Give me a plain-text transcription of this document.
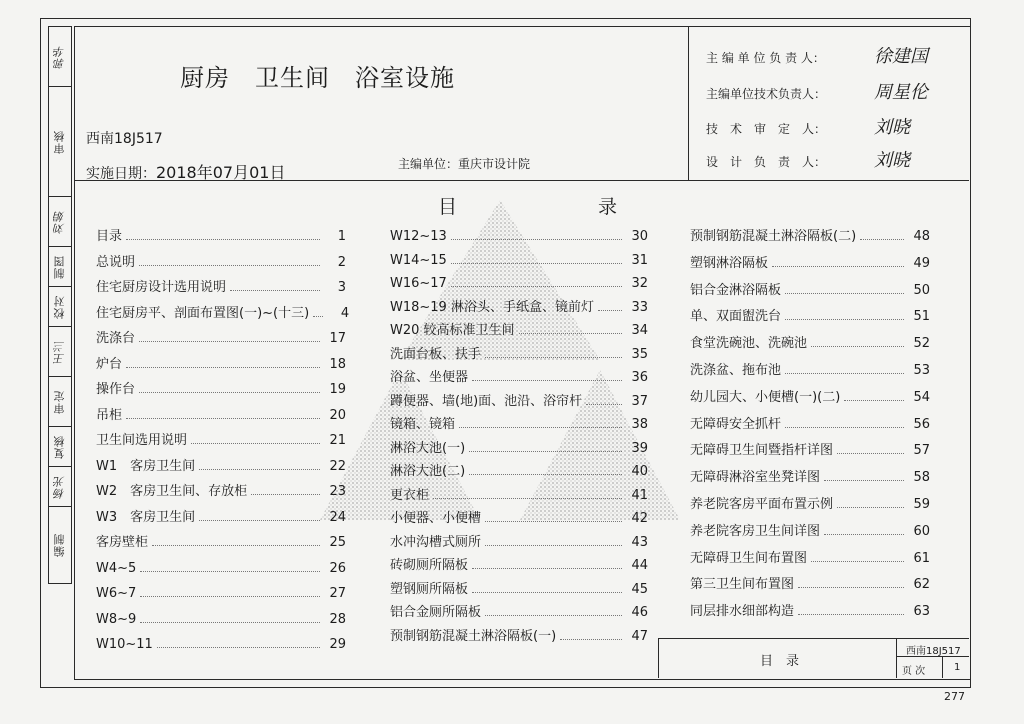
郭华
审核
刘娟
制图
校对
王兰
审定
复核
杨光
编制
厨房　卫生间　浴室设施
西南18J517
实施日期：2018年07月01日	主编单位：重庆市设计院
主 编 单 位 负 责 人：	徐建国
主编单位技术负责人：	周星伦
技　术　审　定　人：	刘晓
设　计　负　责　人：	刘晓
目	录
目录	1
总说明	2
住宅厨房设计选用说明	3
住宅厨房平、剖面布置图(一)~(十三)	4
洗涤台	17
炉台	18
操作台	19
吊柜	20
卫生间选用说明	21
W1　客房卫生间	22
W2　客房卫生间、存放柜	23
W3　客房卫生间	24
客房壁柜	25
W4~5	26
W6~7	27
W8~9	28
W10~11	29
W12~13	30
W14~15	31
W16~17	32
W18~19 淋浴头、手纸盒、镜前灯	33
W20 较高标准卫生间	34
洗面台板、扶手	35
浴盆、坐便器	36
蹲便器、墙(地)面、池沿、浴帘杆	37
镜箱、镜箱	38
淋浴大池(一)	39
淋浴大池(二)	40
更衣柜	41
小便器、小便槽	42
水冲沟槽式厕所	43
砖砌厕所隔板	44
塑钢厕所隔板	45
铝合金厕所隔板	46
预制钢筋混凝土淋浴隔板(一)	47
预制钢筋混凝土淋浴隔板(二)	48
塑钢淋浴隔板	49
铝合金淋浴隔板	50
单、双面盥洗台	51
食堂洗碗池、洗碗池	52
洗涤盆、拖布池	53
幼儿园大、小便槽(一)(二)	54
无障碍安全抓杆	56
无障碍卫生间暨指杆详图	57
无障碍淋浴室坐凳详图	58
养老院客房平面布置示例	59
养老院客房卫生间详图	60
无障碍卫生间布置图	61
第三卫生间布置图	62
同层排水细部构造	63
目　录
西南18J517
页 次	1
277
